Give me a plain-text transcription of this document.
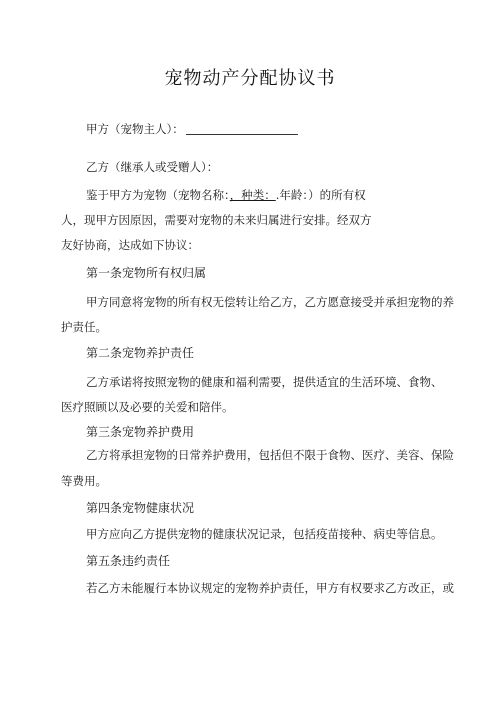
宠物动产分配协议书
甲方（宠物主人）：
乙方（继承人或受赠人）：
鉴于甲方为宠物（宠物名称：，种类：.年龄：）的所有权
人，现甲方因原因，需要对宠物的未来归属进行安排。经双方
友好协商，达成如下协议：
第一条宠物所有权归属
甲方同意将宠物的所有权无偿转让给乙方，乙方愿意接受并承担宠物的养
护责任。
第二条宠物养护责任
乙方承诺将按照宠物的健康和福利需要，提供适宜的生活环境、食物、
医疗照顾以及必要的关爱和陪伴。
第三条宠物养护费用
乙方将承担宠物的日常养护费用，包括但不限于食物、医疗、美容、保险
等费用。
第四条宠物健康状况
甲方应向乙方提供宠物的健康状况记录，包括疫苗接种、病史等信息。
第五条违约责任
若乙方未能履行本协议规定的宠物养护责任，甲方有权要求乙方改正，或
